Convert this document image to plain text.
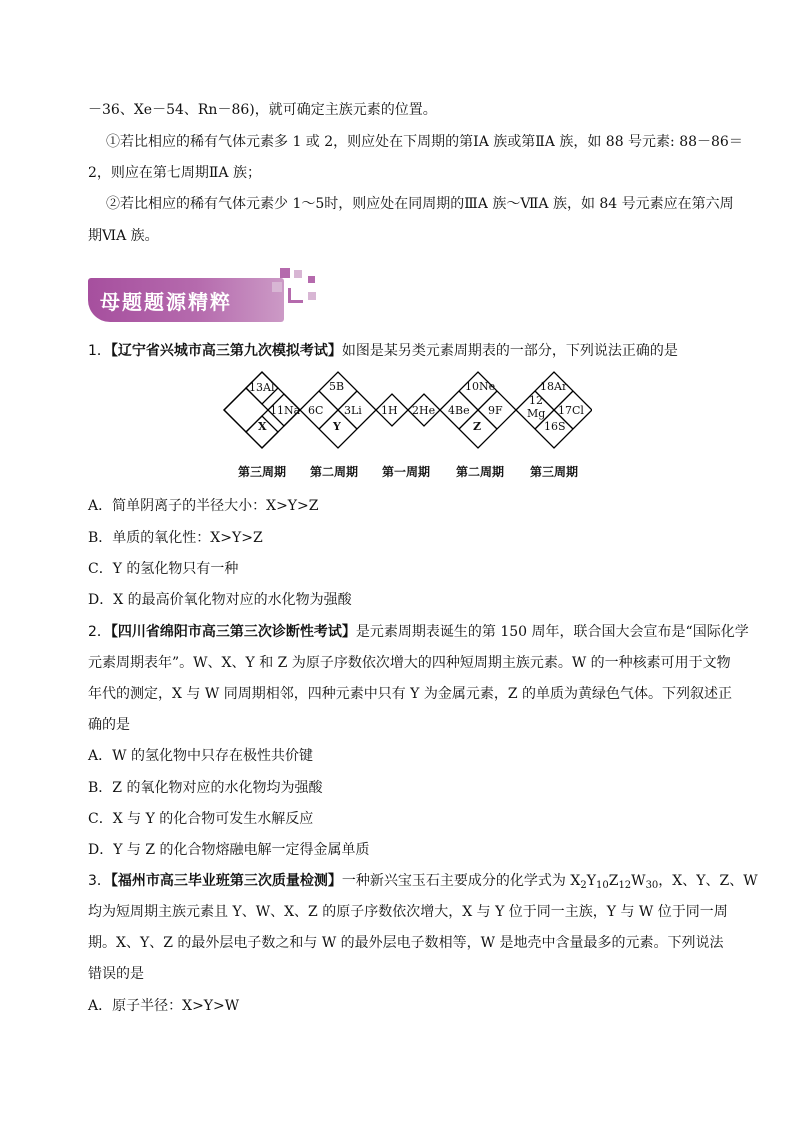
－36、Xe－54、Rn－86)，就可确定主族元素的位置。
①若比相应的稀有气体元素多 1 或 2，则应处在下周期的第ⅠA 族或第ⅡA 族，如 88 号元素: 88－86＝
2，则应在第七周期ⅡA 族；
②若比相应的稀有气体元素少 1～5时，则应处在同周期的ⅢA 族～ⅦA 族，如 84 号元素应在第六周
期ⅥA 族。
母题题源精粹
1．【辽宁省兴城市高三第九次模拟考试】如图是某另类元素周期表的一部分，下列说法正确的是
13Al
11Na
X
5B
6C 3Li
Y
1H 2He
10Ne
4Be 9F
Z
18Ar
12
Mg 17Cl
16S
第三周期 第二周期 第一周期 第二周期 第三周期
A．简单阴离子的半径大小：X>Y>Z
B．单质的氧化性：X>Y>Z
C．Y 的氢化物只有一种
D．X 的最高价氧化物对应的水化物为强酸
2．【四川省绵阳市高三第三次诊断性考试】是元素周期表诞生的第 150 周年，联合国大会宣布是“国际化学
元素周期表年”。W、X、Y 和 Z 为原子序数依次增大的四种短周期主族元素。W 的一种核素可用于文物
年代的测定，X 与 W 同周期相邻，四种元素中只有 Y 为金属元素，Z 的单质为黄绿色气体。下列叙述正
确的是
A．W 的氢化物中只存在极性共价键
B．Z 的氧化物对应的水化物均为强酸
C．X 与 Y 的化合物可发生水解反应
D．Y 与 Z 的化合物熔融电解一定得金属单质
3．【福州市高三毕业班第三次质量检测】一种新兴宝玉石主要成分的化学式为 $X_2Y_{10}Z_{12}W_{30}$，X、Y、Z、W
均为短周期主族元素且 Y、W、X、Z 的原子序数依次增大，X 与 Y 位于同一主族，Y 与 W 位于同一周
期。X、Y、Z 的最外层电子数之和与 W 的最外层电子数相等，W 是地壳中含量最多的元素。下列说法
错误的是
A．原子半径：X>Y>W
